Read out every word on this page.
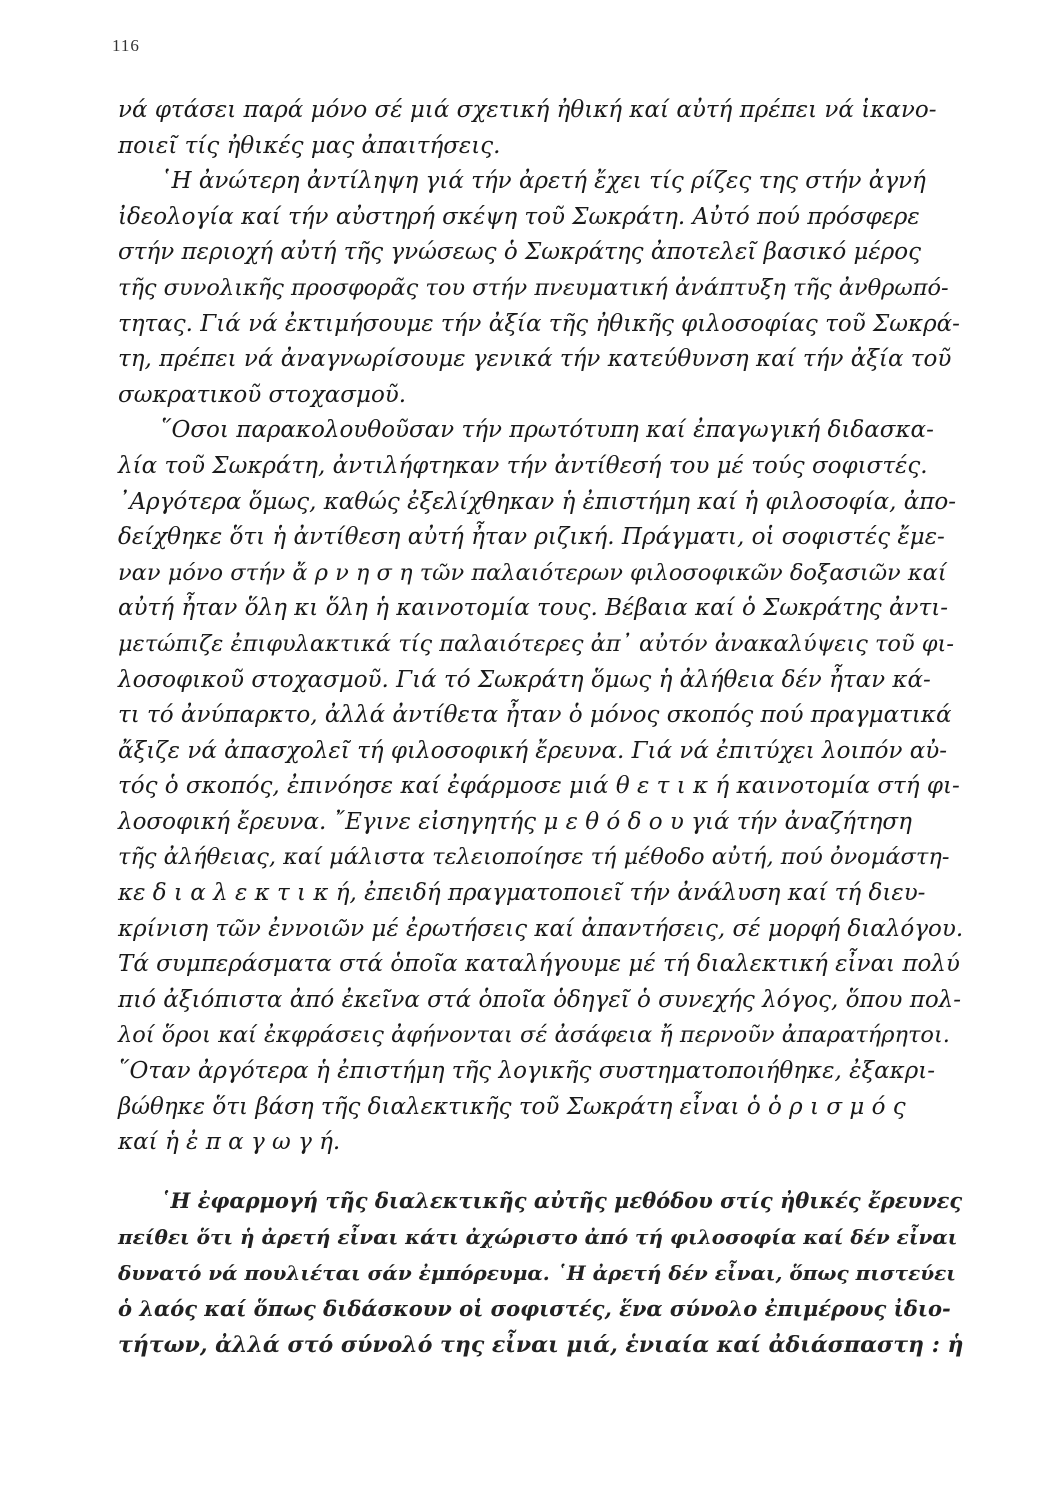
116
νά φτάσει παρά μόνο σέ μιά σχετική ἠθική καί αὐτή πρέπει νά ἱκανο-
ποιεῖ τίς ἠθικές μας ἀπαιτήσεις.
῾Η ἀνώτερη ἀντίληψη γιά τήν ἀρετή ἔχει τίς ρίζες της στήν ἀγνή
ἰδεολογία καί τήν αὐστηρή σκέψη τοῦ Σωκράτη. Αὐτό πού πρόσφερε
στήν περιοχή αὐτή τῆς γνώσεως ὁ Σωκράτης ἀποτελεῖ βασικό μέρος
τῆς συνολικῆς προσφορᾶς του στήν πνευματική ἀνάπτυξη τῆς ἀνθρωπό-
τητας. Γιά νά ἐκτιμήσουμε τήν ἀξία τῆς ἠθικῆς φιλοσοφίας τοῦ Σωκρά-
τη, πρέπει νά ἀναγνωρίσουμε γενικά τήν κατεύθυνση καί τήν ἀξία τοῦ
σωκρατικοῦ στοχασμοῦ.
῞Οσοι παρακολουθοῦσαν τήν πρωτότυπη καί ἐπαγωγική διδασκα-
λία τοῦ Σωκράτη, ἀντιλήφτηκαν τήν ἀντίθεσή του μέ τούς σοφιστές.
᾿Αργότερα ὅμως, καθώς ἐξελίχθηκαν ἡ ἐπιστήμη καί ἡ φιλοσοφία, ἀπο-
δείχθηκε ὅτι ἡ ἀντίθεση αὐτή ἦταν ριζική. Πράγματι, οἱ σοφιστές ἔμε-
ναν μόνο στήν ἄ ρ ν η σ η τῶν παλαιότερων φιλοσοφικῶν δοξασιῶν καί
αὐτή ἦταν ὅλη κι ὅλη ἡ καινοτομία τους. Βέβαια καί ὁ Σωκράτης ἀντι-
μετώπιζε ἐπιφυλακτικά τίς παλαιότερες ἀπ᾿ αὐτόν ἀνακαλύψεις τοῦ φι-
λοσοφικοῦ στοχασμοῦ. Γιά τό Σωκράτη ὅμως ἡ ἀλήθεια δέν ἦταν κά-
τι τό ἀνύπαρκτο, ἀλλά ἀντίθετα ἦταν ὁ μόνος σκοπός πού πραγματικά
ἄξιζε νά ἀπασχολεῖ τή φιλοσοφική ἔρευνα. Γιά νά ἐπιτύχει λοιπόν αὐ-
τός ὁ σκοπός, ἐπινόησε καί ἐφάρμοσε μιά θ ε τ ι κ ή καινοτομία στή φι-
λοσοφική ἔρευνα. ῎Εγινε εἰσηγητής μ ε θ ό δ ο υ γιά τήν ἀναζήτηση
τῆς ἀλήθειας, καί μάλιστα τελειοποίησε τή μέθοδο αὐτή, πού ὀνομάστη-
κε δ ι α λ ε κ τ ι κ ή, ἐπειδή πραγματοποιεῖ τήν ἀνάλυση καί τή διευ-
κρίνιση τῶν ἐννοιῶν μέ ἐρωτήσεις καί ἀπαντήσεις, σέ μορφή διαλόγου.
Τά συμπεράσματα στά ὁποῖα καταλήγουμε μέ τή διαλεκτική εἶναι πολύ
πιό ἀξιόπιστα ἀπό ἐκεῖνα στά ὁποῖα ὁδηγεῖ ὁ συνεχής λόγος, ὅπου πολ-
λοί ὅροι καί ἐκφράσεις ἀφήνονται σέ ἀσάφεια ἤ περνοῦν ἀπαρατήρητοι.
῞Οταν ἀργότερα ἡ ἐπιστήμη τῆς λογικῆς συστηματοποιήθηκε, ἐξακρι-
βώθηκε ὅτι βάση τῆς διαλεκτικῆς τοῦ Σωκράτη εἶναι ὁ ὁ ρ ι σ μ ό ς
καί ἡ ἐ π α γ ω γ ή.
῾Η ἐφαρμογή τῆς διαλεκτικῆς αὐτῆς μεθόδου στίς ἠθικές ἔρευνες
πείθει ὅτι ἡ ἀρετή εἶναι κάτι ἀχώριστο ἀπό τή φιλοσοφία καί δέν εἶναι
δυνατό νά πουλιέται σάν ἐμπόρευμα. ῾Η ἀρετή δέν εἶναι, ὅπως πιστεύει
ὁ λαός καί ὅπως διδάσκουν οἱ σοφιστές, ἕνα σύνολο ἐπιμέρους ἰδιο-
τήτων, ἀλλά στό σύνολό της εἶναι μιά, ἑνιαία καί ἀδιάσπαστη : ἡ
